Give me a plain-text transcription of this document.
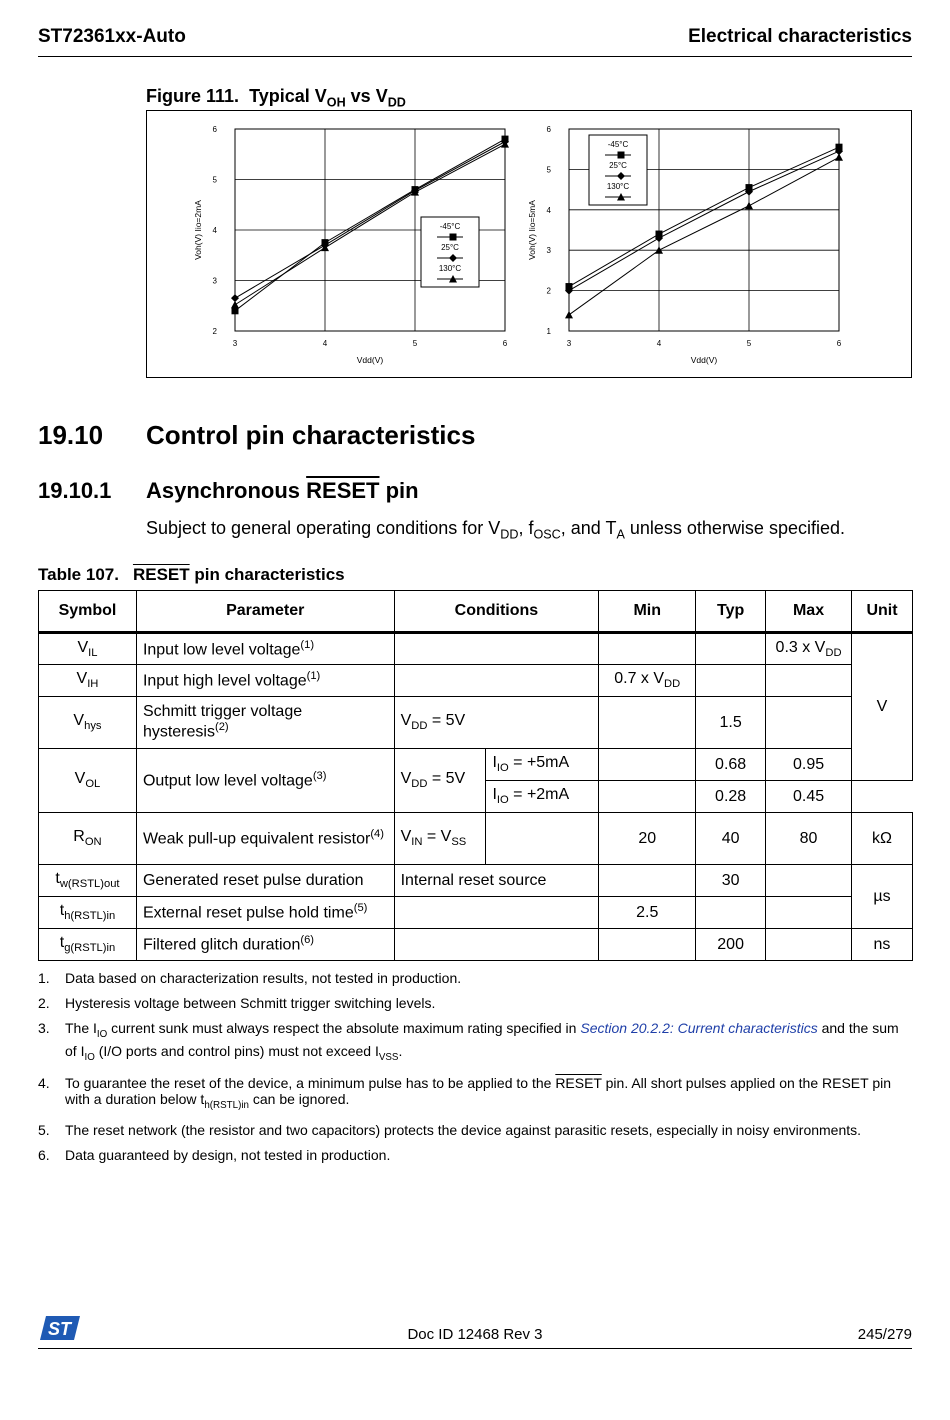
ST72361xx-Auto	Electrical characteristics
Figure 111. Typical $V_{OH}$ vs $V_{DD}$
3	4	5	6
2
3
4
5
6
Vdd(V)
Voh(V) Iio=2mA	-45°C
25°C
130°C
3	4	5	6
1
2
3
4
5
6
Vdd(V)
Voh(V) Iio=5mA
-45°C
25°C
130°C
19.10 Control pin characteristics
19.10.1 Asynchronous RESET pin
Subject to general operating conditions for $V_{DD}$, $f_{OSC}$, and $T_A$ unless otherwise specified.
Table 107. RESET pin characteristics
Symbol	Parameter	Conditions		Min	Typ	Max	Unit
$V_{IL}$	Input low level voltage$^{(1)}$					0.3 x $V_{DD}$	V
$V_{IH}$	Input high level voltage$^{(1)}$			0.7 x $V_{DD}$		
$V_{hys}$	Schmitt trigger voltage hysteresis$^{(2)}$	$V_{DD} = 5V$			1.5		
$V_{OL}$	Output low level voltage$^{(3)}$	$V_{DD} = 5V$	$I_{IO} = +5mA$		0.68	0.95	
			$I_{IO} = +2mA$		0.28	0.45	
$R_{ON}$	Weak pull-up equivalent resistor$^{(4)}$	$V_{IN} = V_{SS}$		20	40	80	kΩ
$t_{w(RSTL)out}$	Generated reset pulse duration	Internal reset source			30		µs
$t_{h(RSTL)in}$	External reset pulse hold time$^{(5)}$			2.5			
$t_{g(RSTL)in}$	Filtered glitch duration$^{(6)}$				200		ns
1. Data based on characterization results, not tested in production.
2. Hysteresis voltage between Schmitt trigger switching levels.
3. The $I_{IO}$ current sunk must always respect the absolute maximum rating specified in Section 20.2.2: Current characteristics and the sum of $I_{IO}$ (I/O ports and control pins) must not exceed $I_{VSS}$.
4. To guarantee the reset of the device, a minimum pulse has to be applied to the RESET pin. All short pulses applied on the RESET pin with a duration below $t_{h(RSTL)in}$ can be ignored.
5. The reset network (the resistor and two capacitors) protects the device against parasitic resets, especially in noisy environments.
6. Data guaranteed by design, not tested in production.
ST	Doc ID 12468 Rev 3	245/279
